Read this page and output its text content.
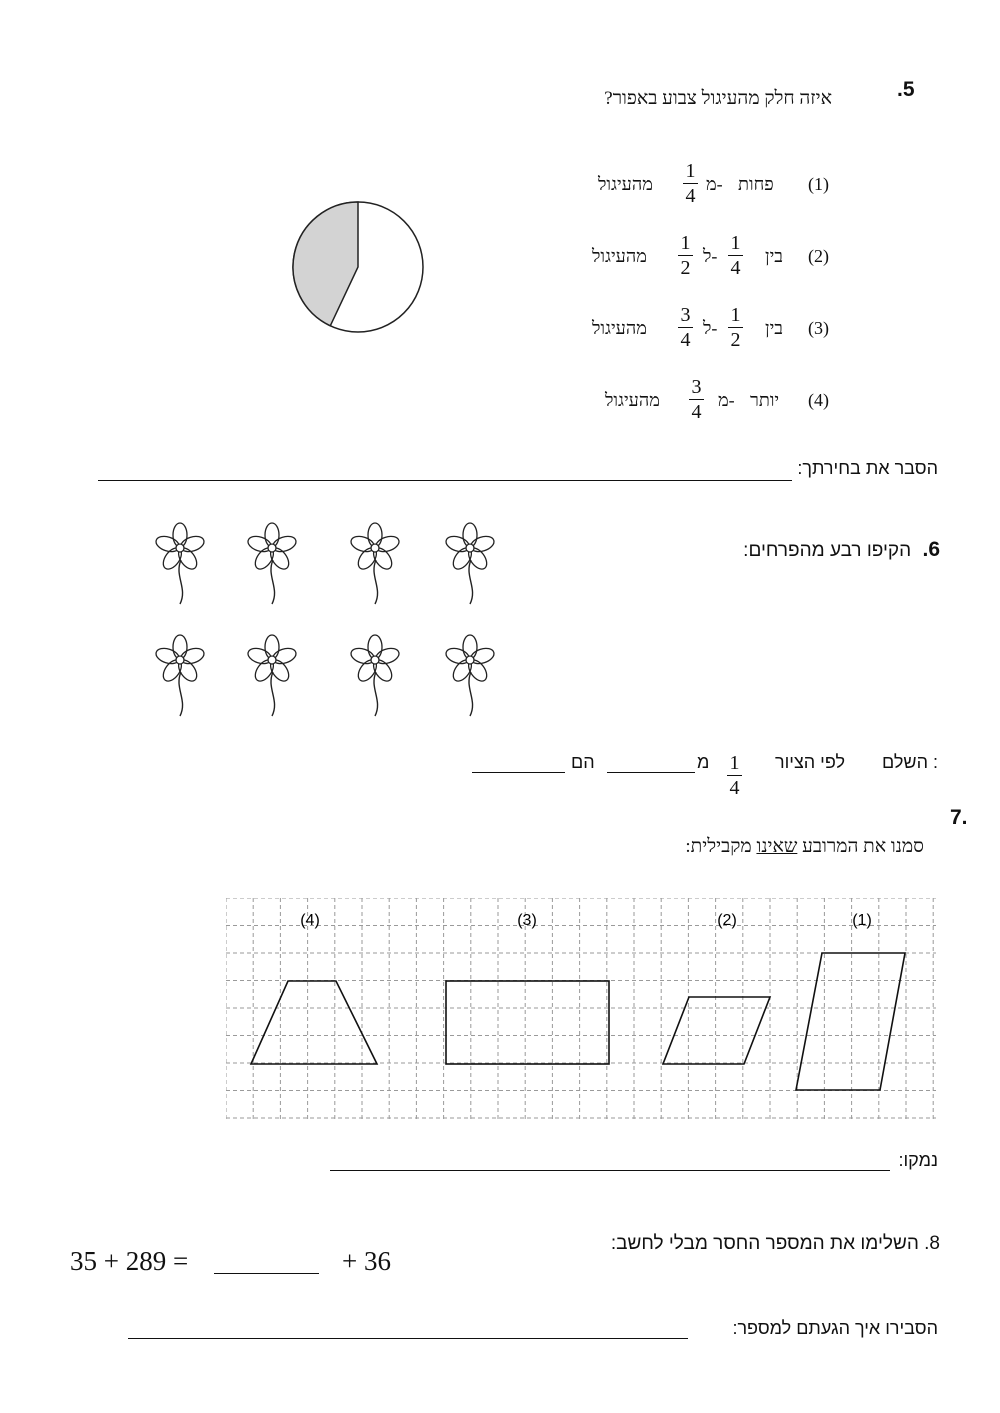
.5
איזה חלק מהעיגול צבוע באפור?
(1)
פחות
מ-
1
4
מהעיגול
(2)
בין
1
4
ל-
1
2
מהעיגול
(3)
בין
1
2
ל-
3
4
מהעיגול
(4)
יותר
מ-
3
4
מהעיגול
הסבר את בחירתך:
6. הקיפו רבע מהפרחים:
השלם :
לפי הציור
1
4
מ
הם
7.
סמנו את המרובע שאינו מקבילית:
(4)	(3)	(2)	(1)
נמקו:
8. השלימו את המספר החסר מבלי לחשב:
35 + 289 =	+ 36
הסבירו איך הגעתם למספר:
